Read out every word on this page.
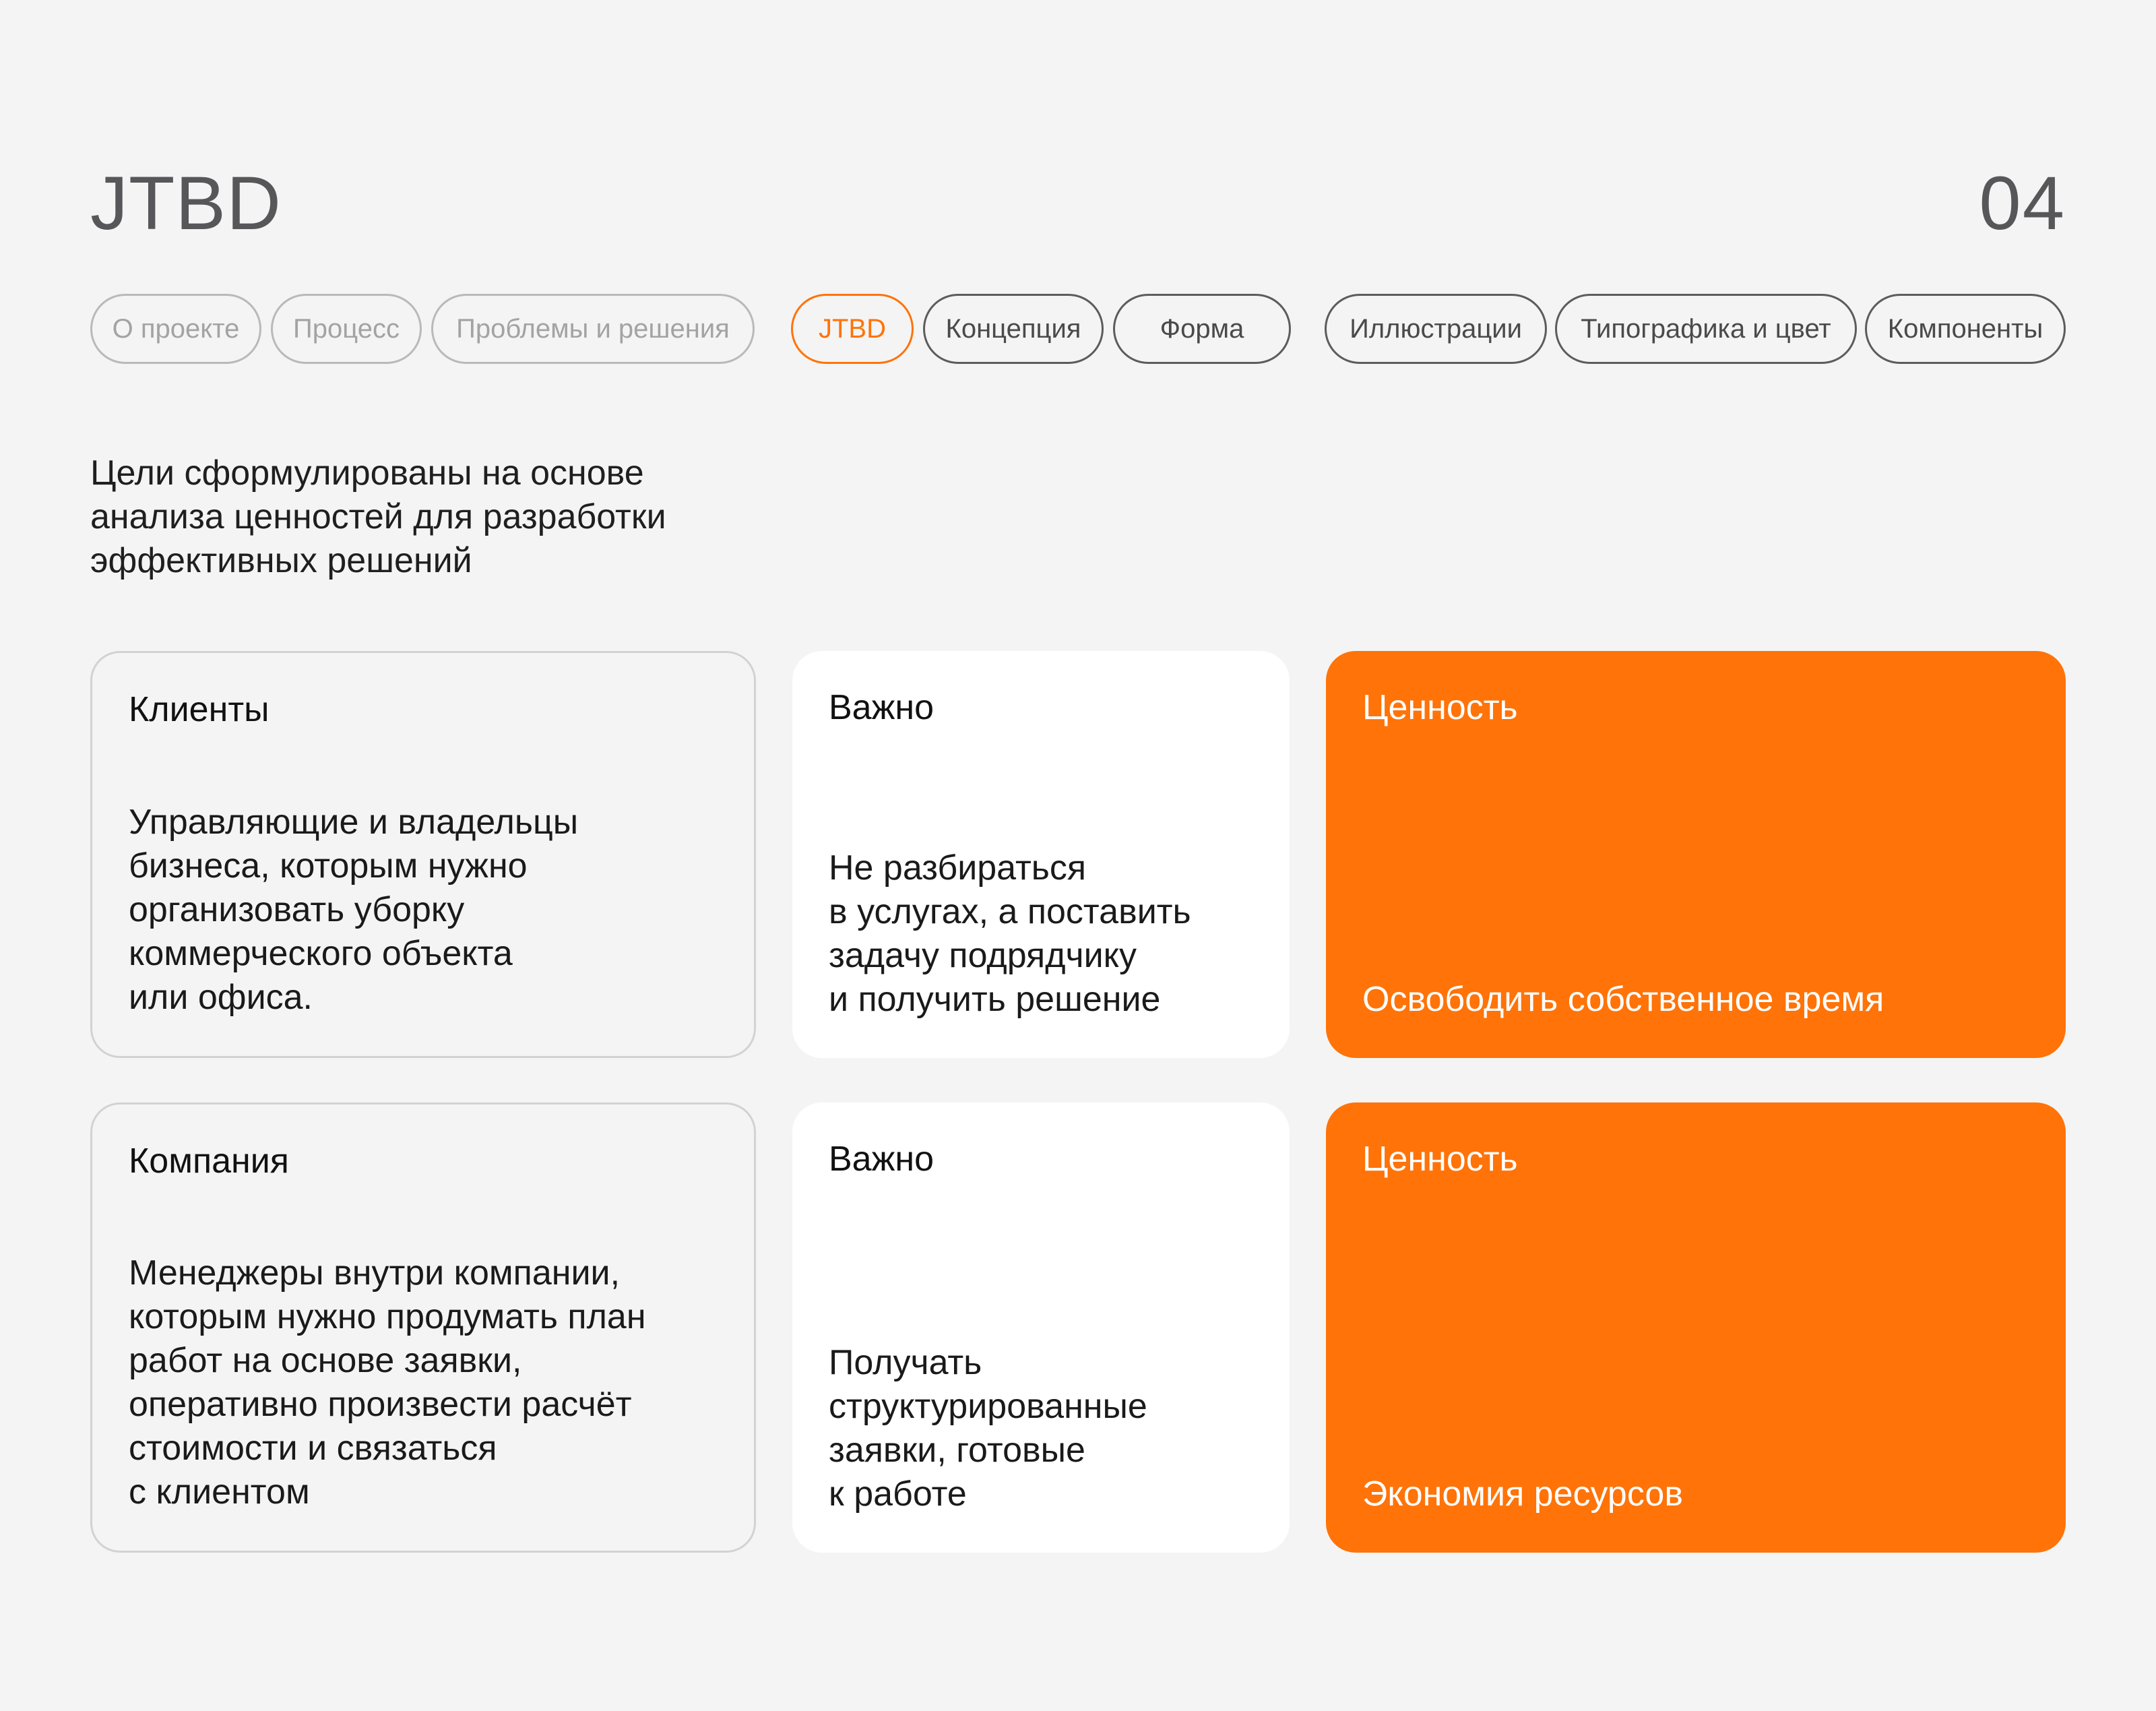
JTBD	04
О проекте	Процесс	Проблемы и решения	JTBD	Концепция	Форма	Иллюстрации	Типографика и цвет	Компоненты

Цели сформулированы на основе
анализа ценностей для разработки
эффективных решений

Клиенты
Управляющие и владельцы
бизнеса, которым нужно
организовать уборку
коммерческого объекта
или офиса.
Важно
Не разбираться
в услугах, а поставить
задачу подрядчику
и получить решение
Ценность
Освободить собственное время
Компания
Менеджеры внутри компании,
которым нужно продумать план
работ на основе заявки,
оперативно произвести расчёт
стоимости и связаться
с клиентом
Важно
Получать
структурированные
заявки, готовые
к работе
Ценность
Экономия ресурсов
